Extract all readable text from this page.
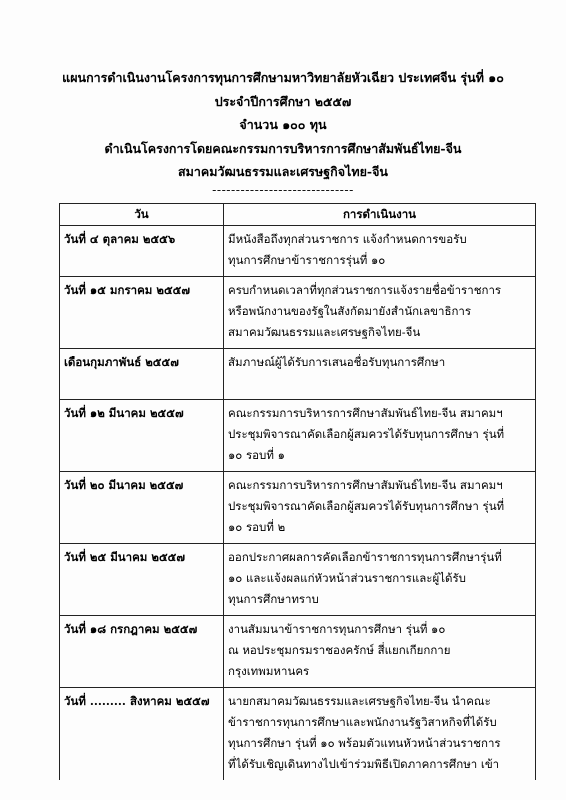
แผนการดำเนินงานโครงการทุนการศึกษามหาวิทยาลัยหัวเฉียว ประเทศจีน รุ่นที่ ๑๐
ประจำปีการศึกษา ๒๕๕๗
จำนวน ๑๐๐ ทุน
ดำเนินโครงการโดยคณะกรรมการบริหารการศึกษาสัมพันธ์ไทย-จีน
สมาคมวัฒนธรรมและเศรษฐกิจไทย-จีน
------------------------------
วัน	การดำเนินงาน
วันที่ ๔ ตุลาคม ๒๕๕๖	มีหนังสือถึงทุกส่วนราชการ แจ้งกำหนดการขอรับ
ทุนการศึกษาข้าราชการรุ่นที่ ๑๐

วันที่ ๑๕ มกราคม ๒๕๕๗	ครบกำหนดเวลาที่ทุกส่วนราชการแจ้งรายชื่อข้าราชการ
หรือพนักงานของรัฐในสังกัดมายังสำนักเลขาธิการ
สมาคมวัฒนธรรมและเศรษฐกิจไทย-จีน

เดือนกุมภาพันธ์ ๒๕๕๗	สัมภาษณ์ผู้ได้รับการเสนอชื่อรับทุนการศึกษา

วันที่ ๑๒ มีนาคม ๒๕๕๗	คณะกรรมการบริหารการศึกษาสัมพันธ์ไทย-จีน สมาคมฯ
ประชุมพิจารณาคัดเลือกผู้สมควรได้รับทุนการศึกษา รุ่นที่
๑๐ รอบที่ ๑

วันที่ ๒๐ มีนาคม ๒๕๕๗	คณะกรรมการบริหารการศึกษาสัมพันธ์ไทย-จีน สมาคมฯ
ประชุมพิจารณาคัดเลือกผู้สมควรได้รับทุนการศึกษา รุ่นที่
๑๐ รอบที่ ๒

วันที่ ๒๕ มีนาคม ๒๕๕๗	ออกประกาศผลการคัดเลือกข้าราชการทุนการศึกษารุ่นที่
๑๐ และแจ้งผลแก่หัวหน้าส่วนราชการและผู้ได้รับ
ทุนการศึกษาทราบ

วันที่ ๑๘ กรกฎาคม ๒๕๕๗	งานสัมมนาข้าราชการทุนการศึกษา รุ่นที่ ๑๐
ณ หอประชุมกรมราชองครักษ์ สี่แยกเกียกกาย
กรุงเทพมหานคร

วันที่ ......... สิงหาคม ๒๕๕๗	นายกสมาคมวัฒนธรรมและเศรษฐกิจไทย-จีน นำคณะ
ข้าราชการทุนการศึกษาและพนักงานรัฐวิสาหกิจที่ได้รับ
ทุนการศึกษา รุ่นที่ ๑๐ พร้อมตัวแทนหัวหน้าส่วนราชการ
ที่ได้รับเชิญเดินทางไปเข้าร่วมพิธีเปิดภาคการศึกษา เข้า
